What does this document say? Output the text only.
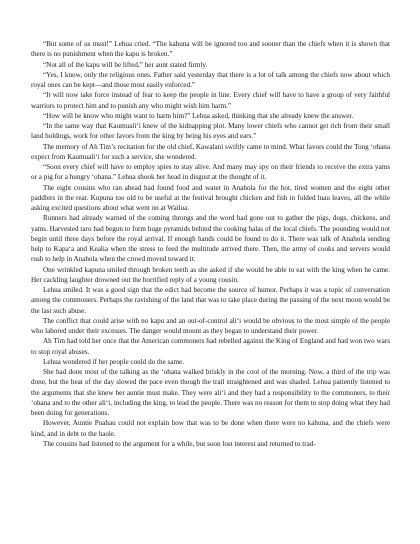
“But some of us must!” Lehua cried. “The kahuna will be ignored too and sooner than the chiefs when it is shown that there is no punishment when the kapu is broken.”

“Not all of the kapu will be lifted,” her aunt stated firmly.

“Yes, I know, only the religious ones. Father said yesterday that there is a lot of talk among the chiefs now about which royal ones can be kept—and those most easily enforced.”

“It will now take force instead of fear to keep the people in line. Every chief will have to have a group of very faithful warriors to protect him and to punish any who might wish him harm.”

“How will he know who might want to harm him?” Lehua asked, thinking that she already knew the answer.

“In the same way that Kaumuali‘i knew of the kidnapping plot. Many lower chiefs who cannot get rich from their small land holdings, work for other favors from the king by being his eyes and ears.”

The memory of Ah Tim’s recitation for the old chief, Kawalani swiftly came to mind. What favors could the Tong ‘ohana expect from Kaumuali‘i for such a service, she wondered.

“Soon every chief will have to employ spies to stay alive. And many may spy on their friends to receive the extra yams or a pig for a hungry ‘ohana.” Lehua shook her head in disgust at the thought of it.

The eight cousins who ran ahead had found food and water in Anahola for the hot, tired women and the eight other paddlers in the rear. Kupuna too old to be useful at the festival brought chicken and fish in folded luau leaves, all the while asking excited questions about what went on at Wailua.

Runners had already warned of the coming throngs and the word had gone out to gather the pigs, dogs, chickens, and yams. Harvested taro had begun to form huge pyramids behind the cooking halas of the local chiefs. The pounding would not begin until three days before the royal arrival. If enough hands could be found to do it. There was talk of Anahola sending help to Kapa‘a and Kealia when the stress to feed the multitude arrived there. Then, the army of cooks and servers would rush to help in Anahola when the crowd moved toward it.

One wrinkled kapuna smiled through broken teeth as she asked if she would be able to eat with the king when he came. Her cackling laughter drowned out the horrified reply of a young cousin.

Lehua smiled. It was a good sign that the edict had become the source of humor. Perhaps it was a topic of conversation among the commoners. Perhaps the ravishing of the land that was to take place during the passing of the next moon would be the last such abuse.

The conflict that could arise with no kapu and an out-of-control ali‘i would be obvious to the most simple of the people who labored under their excesses. The danger would mount as they began to understand their power.

Ah Tim had told her once that the American commoners had rebelled against the King of England and had won two wars to stop royal abuses.

Lehua wondered if her people could do the same.

She had done most of the talking as the ‘ohana walked briskly in the cool of the morning. Now, a third of the trip was done, but the heat of the day slowed the pace even though the trail straightened and was shaded. Lehua patiently listened to the arguments that she knew her auntie must make. They were ali‘i and they had a responsibility to the commoners, to their ‘ohana and to the other ali‘i, including the king, to lead the people. There was no reason for them to stop doing what they had been doing for generations.

However, Auntie Puahau could not explain how that was to be done when there were no kahuna, and the chiefs were kind, and in debt to the haole.

The cousins had listened to the argument for a while, but soon lost interest and returned to trad-
